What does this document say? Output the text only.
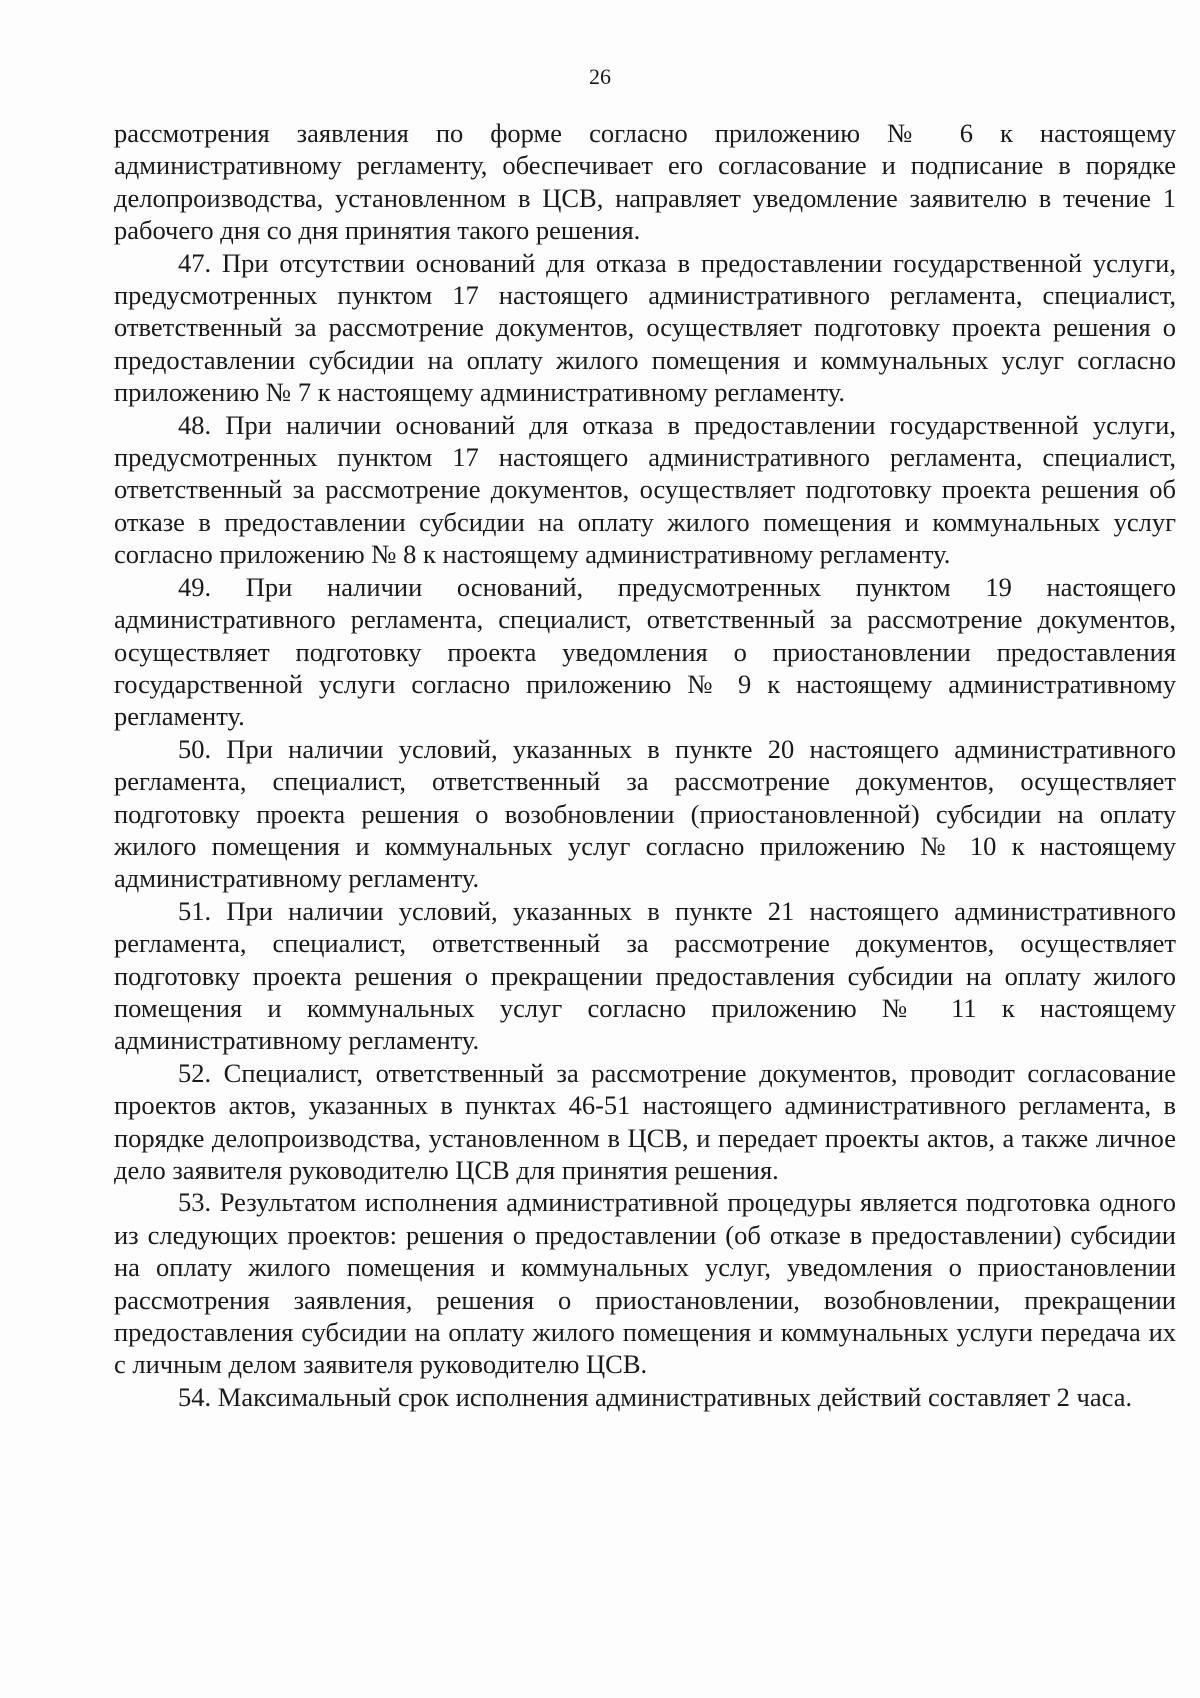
26

рассмотрения заявления по форме согласно приложению № 6 к настоящему административному регламенту, обеспечивает его согласование и подписание в порядке делопроизводства, установленном в ЦСВ, направляет уведомление заявителю в течение 1 рабочего дня со дня принятия такого решения.

47. При отсутствии оснований для отказа в предоставлении государственной услуги, предусмотренных пунктом 17 настоящего административного регламента, специалист, ответственный за рассмотрение документов, осуществляет подготовку проекта решения о предоставлении субсидии на оплату жилого помещения и коммунальных услуг согласно приложению № 7 к настоящему административному регламенту.

48. При наличии оснований для отказа в предоставлении государственной услуги, предусмотренных пунктом 17 настоящего административного регламента, специалист, ответственный за рассмотрение документов, осуществляет подготовку проекта решения об отказе в предоставлении субсидии на оплату жилого помещения и коммунальных услуг согласно приложению № 8 к настоящему административному регламенту.

49. При наличии оснований, предусмотренных пунктом 19 настоящего административного регламента, специалист, ответственный за рассмотрение документов, осуществляет подготовку проекта уведомления о приостановлении предоставления государственной услуги согласно приложению № 9 к настоящему административному регламенту.

50. При наличии условий, указанных в пункте 20 настоящего административного регламента, специалист, ответственный за рассмотрение документов, осуществляет подготовку проекта решения о возобновлении (приостановленной) субсидии на оплату жилого помещения и коммунальных услуг согласно приложению № 10 к настоящему административному регламенту.

51. При наличии условий, указанных в пункте 21 настоящего административного регламента, специалист, ответственный за рассмотрение документов, осуществляет подготовку проекта решения о прекращении предоставления субсидии на оплату жилого помещения и коммунальных услуг согласно приложению № 11 к настоящему административному регламенту.

52. Специалист, ответственный за рассмотрение документов, проводит согласование проектов актов, указанных в пунктах 46-51 настоящего административного регламента, в порядке делопроизводства, установленном в ЦСВ, и передает проекты актов, а также личное дело заявителя руководителю ЦСВ для принятия решения.

53. Результатом исполнения административной процедуры является подготовка одного из следующих проектов: решения о предоставлении (об отказе в предоставлении) субсидии на оплату жилого помещения и коммунальных услуг, уведомления о приостановлении рассмотрения заявления, решения о приостановлении, возобновлении, прекращении предоставления субсидии на оплату жилого помещения и коммунальных услуги передача их с личным делом заявителя руководителю ЦСВ.

54. Максимальный срок исполнения административных действий составляет 2 часа.
